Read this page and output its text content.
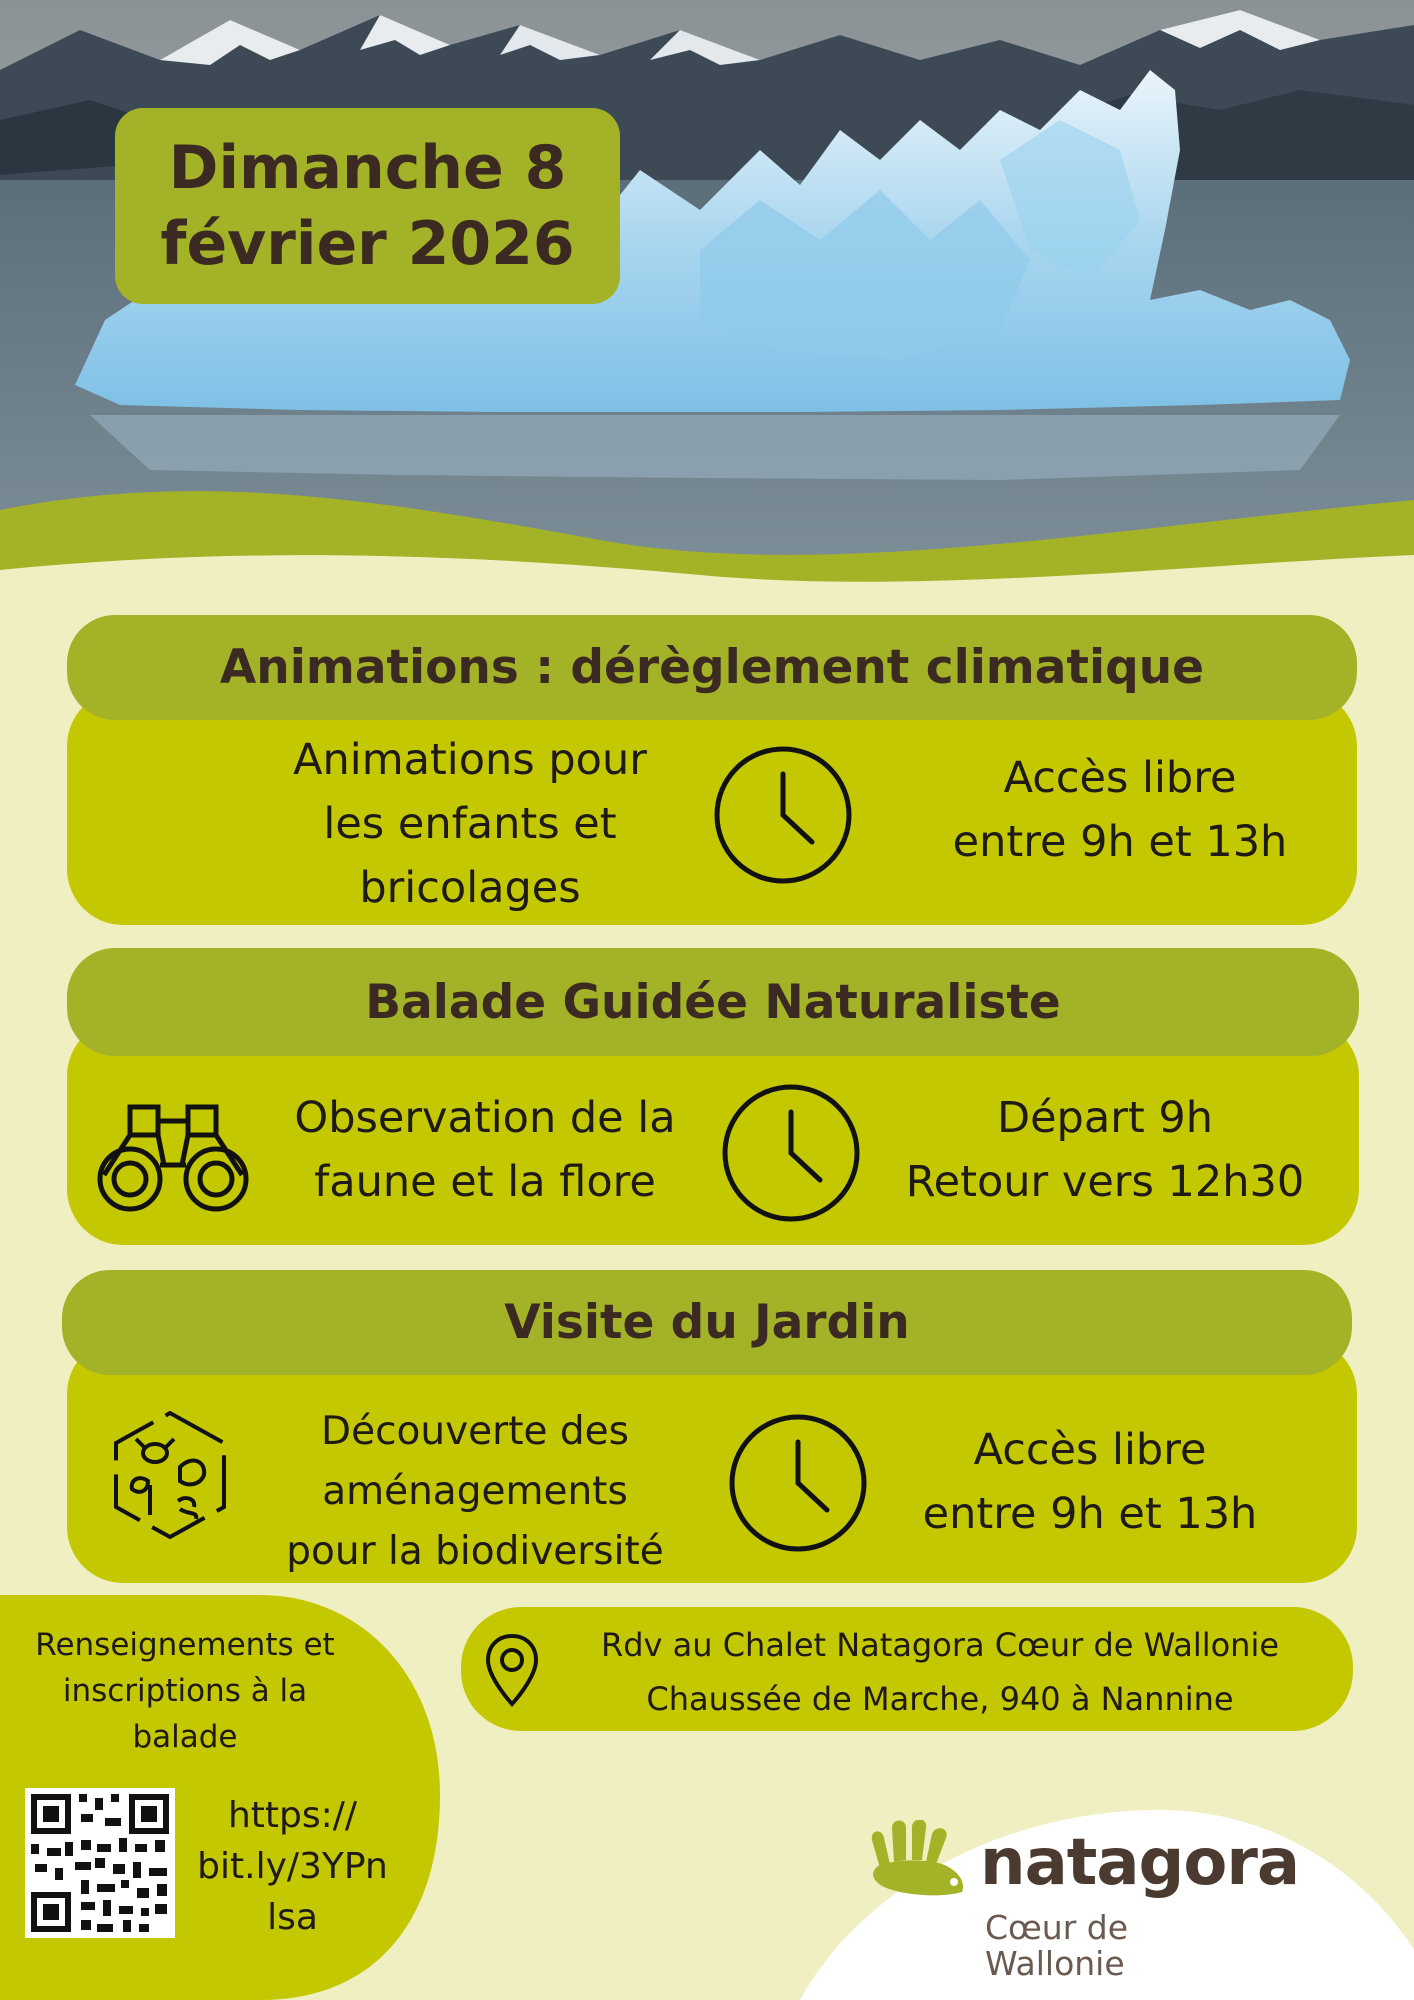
Dimanche 8
février 2026
Animations : dérèglement climatique
Animations pour
les enfants et
bricolages
Accès libre
entre 9h et 13h
Balade Guidée Naturaliste
Observation de la
faune et la flore
Départ 9h
Retour vers 12h30
Visite du Jardin
Découverte des
aménagements
pour la biodiversité
Accès libre
entre 9h et 13h
Renseignements et
inscriptions à la
balade
https://
bit.ly/3YPn
lsa
Rdv au Chalet Natagora Cœur de Wallonie
Chaussée de Marche, 940 à Nannine
natagora
Cœur de
Wallonie
